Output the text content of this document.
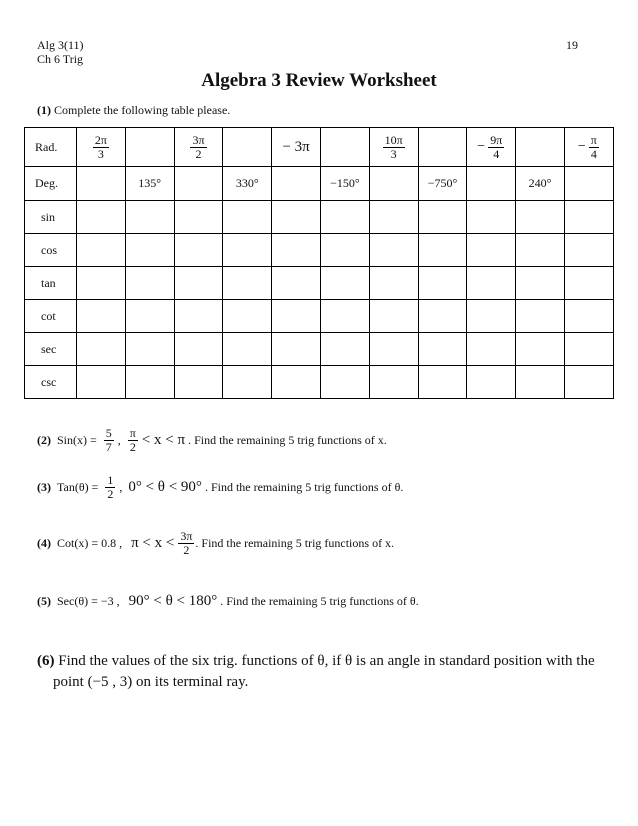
Alg 3(11)
Ch 6 Trig
19
Algebra 3 Review Worksheet
(1) Complete the following table please.
Rad.	$\frac{2\pi}{3}$		$\frac{3\pi}{2}$		− 3π		$\frac{10\pi}{3}$		− $\frac{9\pi}{4}$		− $\frac{\pi}{4}$

Deg.		135°		330°		−150°		−750°		240°	
sin											
cos											
tan											
cot											
sec											
csc											
(2) $Sin(x) = \frac{5}{7}$ , $\frac{\pi}{2} < x < \pi$ . Find the remaining 5 trig functions of x.
(3) $Tan(\theta) = \frac{1}{2}$ , 0° < θ < 90° . Find the remaining 5 trig functions of θ.
(4) Cot(x) = 0.8 , $\pi < x < \frac{3\pi}{2}$ . Find the remaining 5 trig functions of x.
(5) Sec(θ) = −3 , 90° < θ < 180° . Find the remaining 5 trig functions of θ.
(6) Find the values of the six trig. functions of θ, if θ is an angle in standard position with the
point (−5 , 3) on its terminal ray.
